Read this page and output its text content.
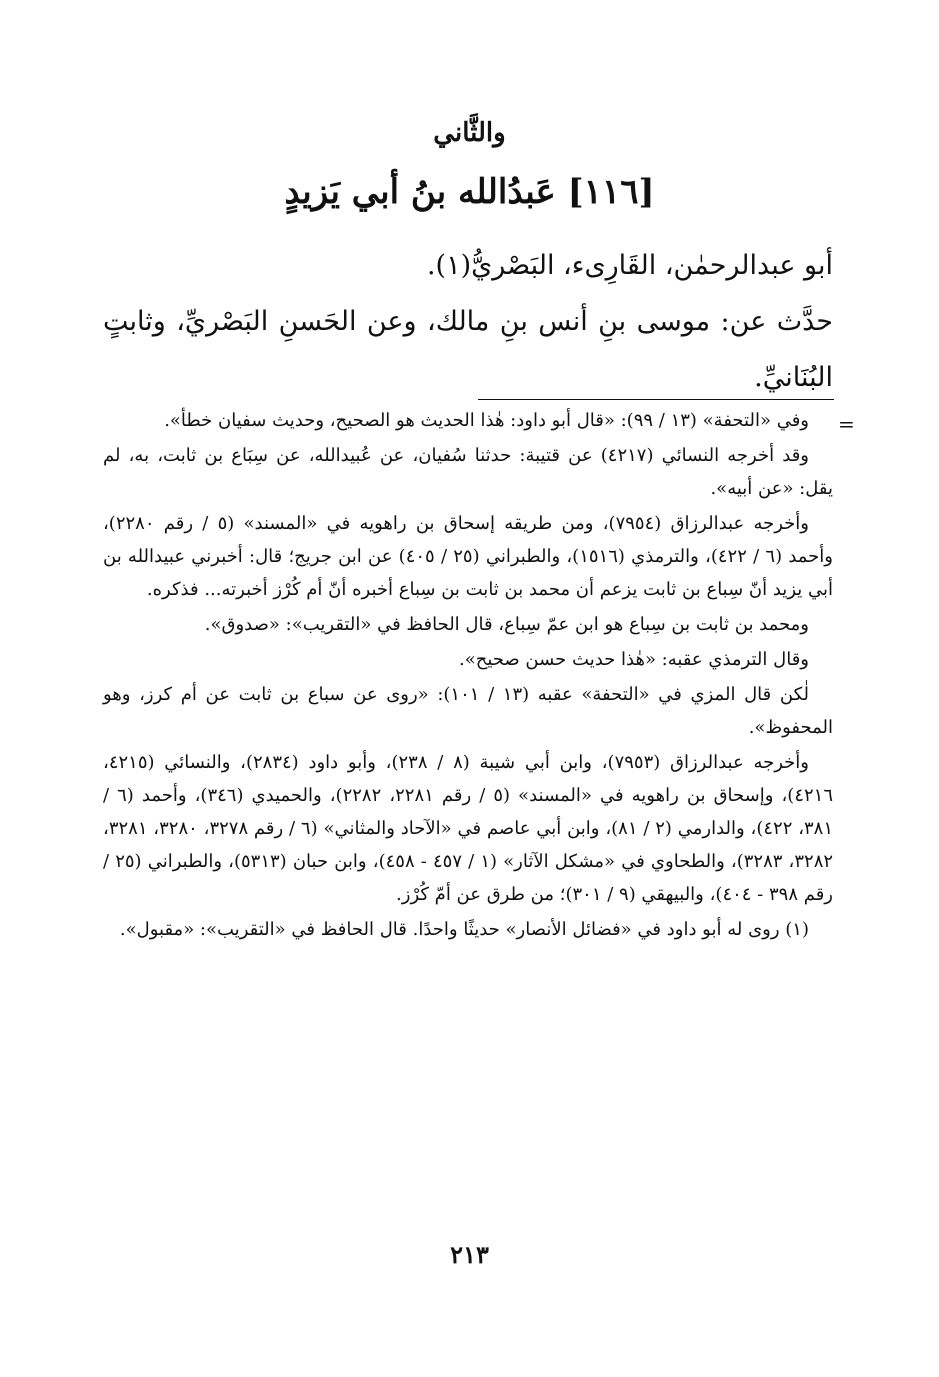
والثَّاني
[١١٦] عَبدُالله بنُ أبي يَزيدٍ

أبو عبدالرحمٰن، القَارِىء، البَصْريُّ(١).

حدَّث عن: موسى بنِ أنس بنِ مالك، وعن الحَسنِ البَصْريِّ، وثابتٍ البُنَانيِّ.

=

وفي «التحفة» (١٣ / ٩٩): «قال أبو داود: هٰذا الحديث هو الصحيح، وحديث سفيان خطأ».

وقد أخرجه النسائي (٤٢١٧) عن قتيبة: حدثنا سُفيان، عن عُبيدالله، عن سِبَاع بن ثابت، به، لم يقل: «عن أبيه».

وأخرجه عبدالرزاق (٧٩٥٤)، ومن طريقه إسحاق بن راهويه في «المسند» (٥ / رقم ٢٢٨٠)، وأحمد (٦ / ٤٢٢)، والترمذي (١٥١٦)، والطبراني (٢٥ / ٤٠٥) عن ابن جريج؛ قال: أخبرني عبيدالله بن أبي يزيد أنّ سِباع بن ثابت يزعم أن محمد بن ثابت بن سِباع أخبره أنّ أم كُرْز أخبرته... فذكره.

ومحمد بن ثابت بن سِباع هو ابن عمّ سِباع، قال الحافظ في «التقريب»: «صدوق».

وقال الترمذي عقبه: «هٰذا حديث حسن صحيح».

لٰكن قال المزي في «التحفة» عقبه (١٣ / ١٠١): «روى عن سباع بن ثابت عن أم كرز، وهو المحفوظ».

وأخرجه عبدالرزاق (٧٩٥٣)، وابن أبي شيبة (٨ / ٢٣٨)، وأبو داود (٢٨٣٤)، والنسائي (٤٢١٥، ٤٢١٦)، وإسحاق بن راهويه في «المسند» (٥ / رقم ٢٢٨١، ٢٢٨٢)، والحميدي (٣٤٦)، وأحمد (٦ / ٣٨١، ٤٢٢)، والدارمي (٢ / ٨١)، وابن أبي عاصم في «الآحاد والمثاني» (٦ / رقم ٣٢٧٨، ٣٢٨٠، ٣٢٨١، ٣٢٨٢، ٣٢٨٣)، والطحاوي في «مشكل الآثار» (١ / ٤٥٧ - ٤٥٨)، وابن حبان (٥٣١٣)، والطبراني (٢٥ / رقم ٣٩٨ - ٤٠٤)، والبيهقي (٩ / ٣٠١)؛ من طرق عن أمّ كُرْز.

(١) روى له أبو داود في «فضائل الأنصار» حديثًا واحدًا. قال الحافظ في «التقريب»: «مقبول».

٢١٣
